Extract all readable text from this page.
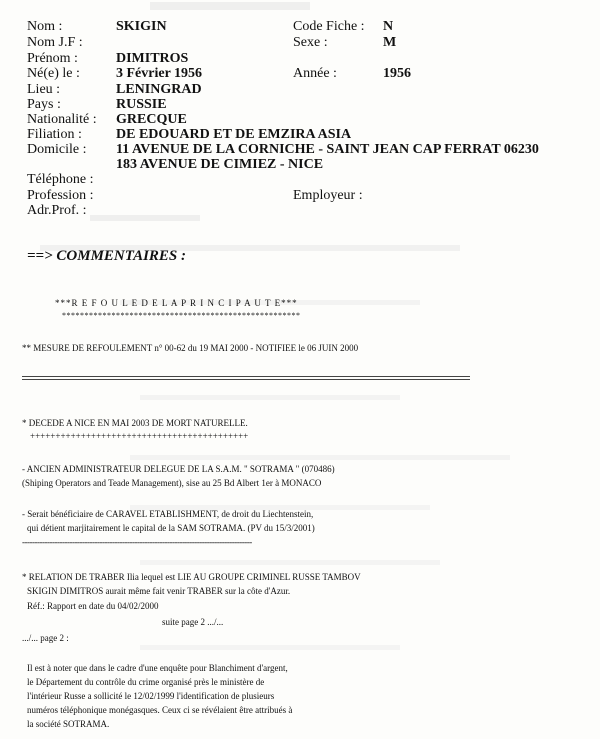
Nom :	SKIGIN	Code Fiche : N
Nom J.F :	Sexe :	M
Prénom :	DIMITROS
Né(e) le :	3 Février 1956	Année :	1956
Lieu :	LENINGRAD
Pays :	RUSSIE
Nationalité : GRECQUE
Filiation : DE EDOUARD ET DE EMZIRA ASIA
Domicile : 11 AVENUE DE LA CORNICHE - SAINT JEAN CAP FERRAT 06230
183 AVENUE DE CIMIEZ - NICE
Téléphone :
Profession :	Employeur :
Adr.Prof. :
==> COMMENTAIRES :
***R E F O U L E D E L A P R I N C I P A U T E***
*****************************************************
** MESURE DE REFOULEMENT n° 00-62 du 19 MAI 2000 - NOTIFIEE le 06 JUIN 2000
* DECEDE A NICE EN MAI 2003 DE MORT NATURELLE.
+++++++++++++++++++++++++++++++++++++++++++
- ANCIEN ADMINISTRATEUR DELEGUE DE LA S.A.M. " SOTRAMA " (070486)
(Shiping Operators and Teade Management), sise au 25 Bd Albert 1er à MONACO
- Serait bénéficiaire de CARAVEL ETABLISHMENT, de droit du Liechtenstein,
qui détient marjitairement le capital de la SAM SOTRAMA. (PV du 15/3/2001)
--------------------------------------------------------------------------------------------
* RELATION DE TRABER Ilia lequel est LIE AU GROUPE CRIMINEL RUSSE TAMBOV
SKIGIN DIMITROS aurait même fait venir TRABER sur la côte d'Azur.
Réf.: Rapport en date du 04/02/2000
suite page 2 .../...
.../... page 2 :
Il est à noter que dans le cadre d'une enquête pour Blanchiment d'argent,
le Département du contrôle du crime organisé près le ministère de
l'intérieur Russe a sollicité le 12/02/1999 l'identification de plusieurs
numéros téléphonique monégasques. Ceux ci se révélaient être attribués à
la société SOTRAMA.
